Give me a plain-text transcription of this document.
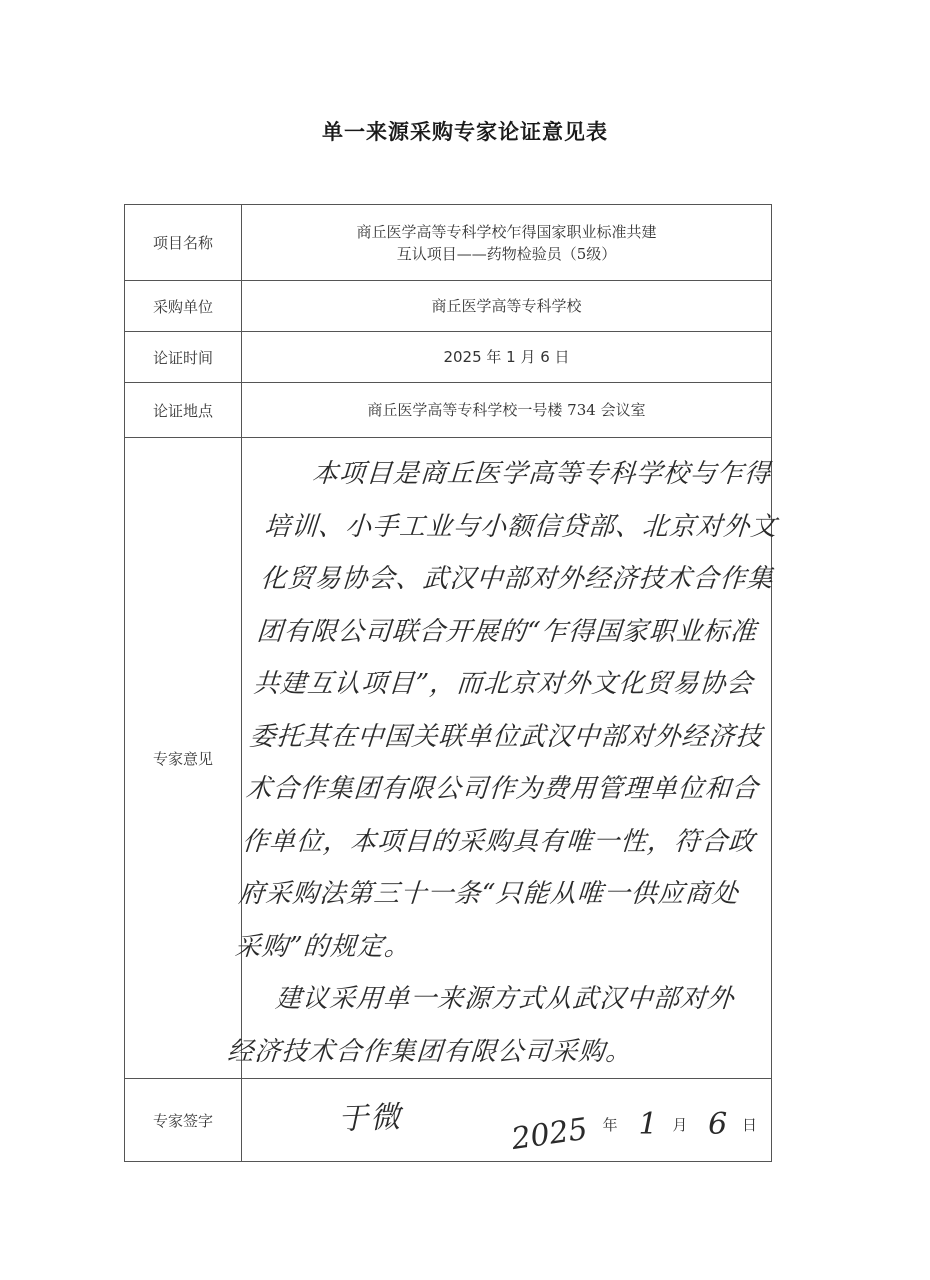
单一来源采购专家论证意见表
项目名称	商丘医学高等专科学校乍得国家职业标准共建
互认项目——药物检验员（5级）

采购单位	商丘医学高等专科学校
论证时间	2025 年 1 月 6 日
论证地点	商丘医学高等专科学校一号楼 734 会议室
专家意见	本项目是商丘医学高等专科学校与乍得培训、小手工业与小额信贷部、北京对外文化贸易协会、武汉中部对外经济技术合作集团有限公司联合开展的“乍得国家职业标准共建互认项目”，而北京对外文化贸易协会委托其在中国关联单位武汉中部对外经济技术合作集团有限公司作为费用管理单位和合作单位，本项目的采购具有唯一性，符合政府采购法第三十一条“只能从唯一供应商处采购”的规定。

建议采用单一来源方式从武汉中部对外经济技术合作集团有限公司采购。

专家签字	于微 2025 年 1 月 6 日
